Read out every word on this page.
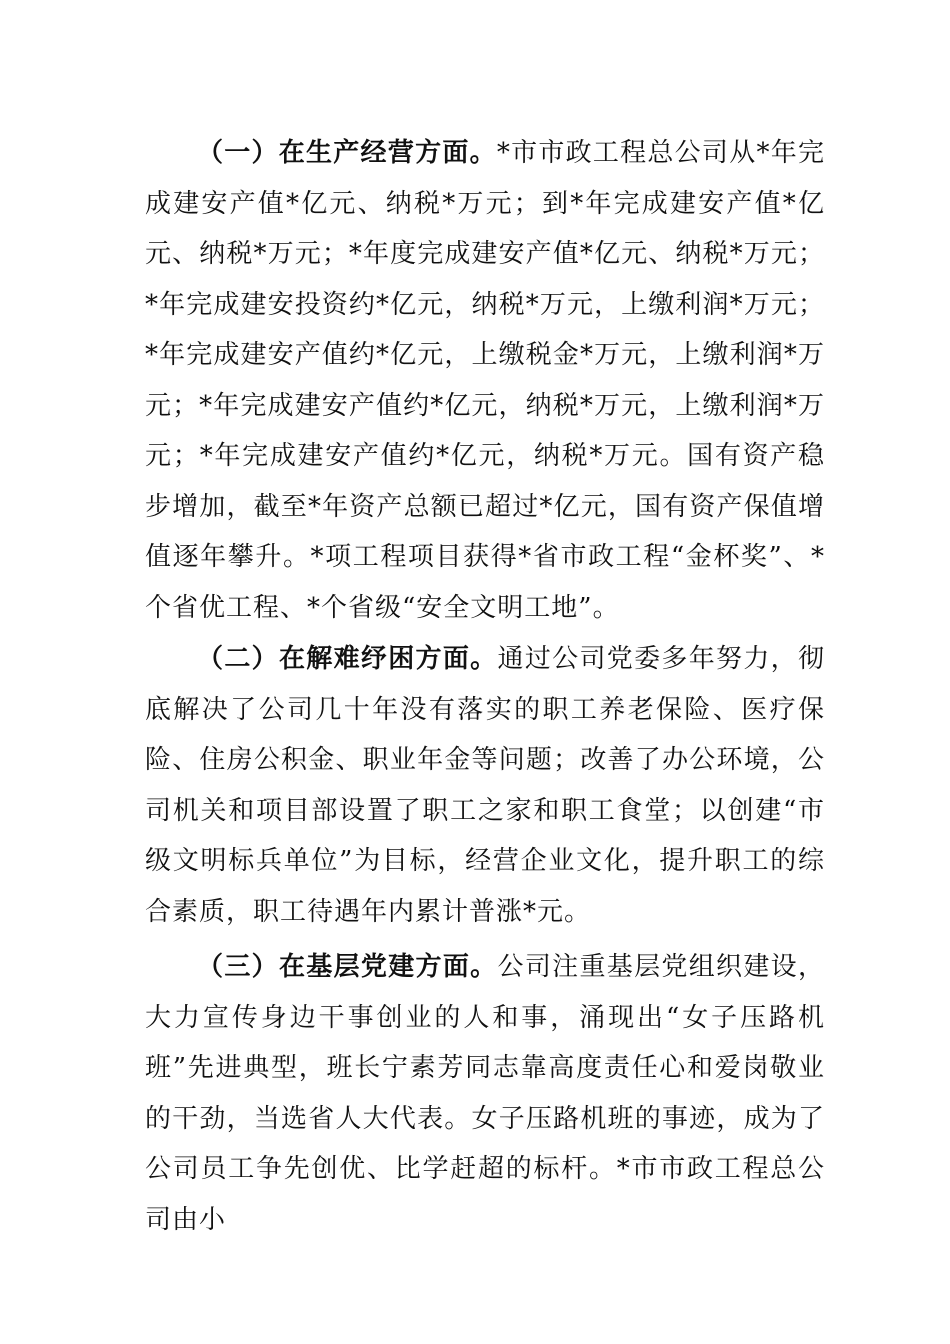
（一）在生产经营方面。*市市政工程总公司从*年完成建安产值*亿元、纳税*万元；到*年完成建安产值*亿元、纳税*万元；*年度完成建安产值*亿元、纳税*万元；*年完成建安投资约*亿元，纳税*万元，上缴利润*万元；*年完成建安产值约*亿元，上缴税金*万元，上缴利润*万元；*年完成建安产值约*亿元，纳税*万元，上缴利润*万元；*年完成建安产值约*亿元，纳税*万元。国有资产稳步增加，截至*年资产总额已超过*亿元，国有资产保值增值逐年攀升。*项工程项目获得*省市政工程“金杯奖”、*个省优工程、*个省级“安全文明工地”。

（二）在解难纾困方面。通过公司党委多年努力，彻底解决了公司几十年没有落实的职工养老保险、医疗保险、住房公积金、职业年金等问题；改善了办公环境，公司机关和项目部设置了职工之家和职工食堂；以创建“市级文明标兵单位”为目标，经营企业文化，提升职工的综合素质，职工待遇年内累计普涨*元。

（三）在基层党建方面。公司注重基层党组织建设，大力宣传身边干事创业的人和事，涌现出“女子压路机班”先进典型，班长宁素芳同志靠高度责任心和爱岗敬业的干劲，当选省人大代表。女子压路机班的事迹，成为了公司员工争先创优、比学赶超的标杆。*市市政工程总公司由小
